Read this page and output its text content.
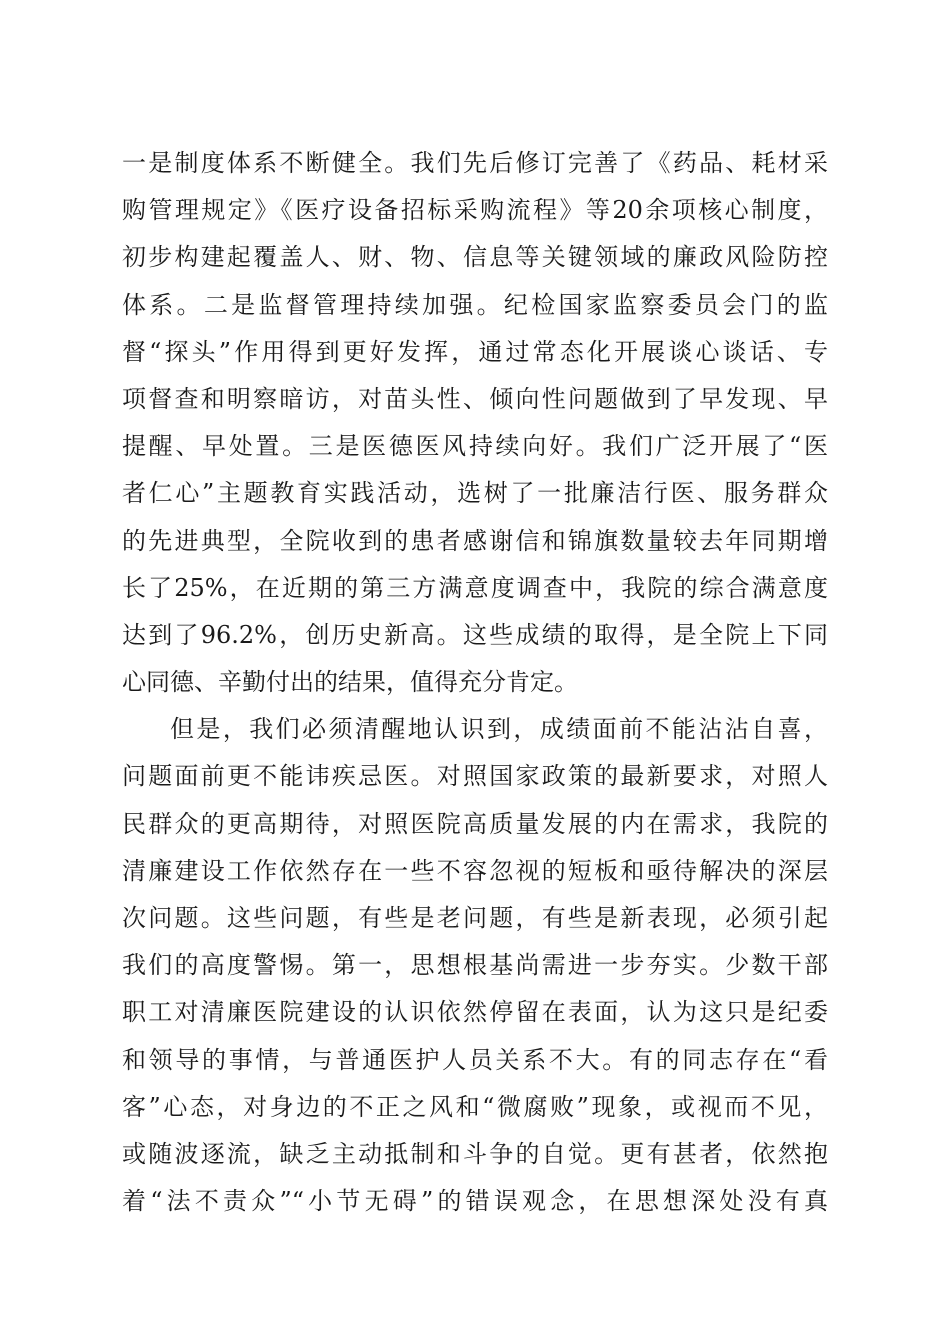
一是制度体系不断健全。我们先后修订完善了《药品、耗材采
购管理规定》《医疗设备招标采购流程》等20余项核心制度，
初步构建起覆盖人、财、物、信息等关键领域的廉政风险防控
体系。二是监督管理持续加强。纪检国家监察委员会门的监
督“探头”作用得到更好发挥，通过常态化开展谈心谈话、专
项督查和明察暗访，对苗头性、倾向性问题做到了早发现、早
提醒、早处置。三是医德医风持续向好。我们广泛开展了“医
者仁心”主题教育实践活动，选树了一批廉洁行医、服务群众
的先进典型，全院收到的患者感谢信和锦旗数量较去年同期增
长了25%，在近期的第三方满意度调查中，我院的综合满意度
达到了96.2%，创历史新高。这些成绩的取得，是全院上下同
心同德、辛勤付出的结果，值得充分肯定。
但是，我们必须清醒地认识到，成绩面前不能沾沾自喜，
问题面前更不能讳疾忌医。对照国家政策的最新要求，对照人
民群众的更高期待，对照医院高质量发展的内在需求，我院的
清廉建设工作依然存在一些不容忽视的短板和亟待解决的深层
次问题。这些问题，有些是老问题，有些是新表现，必须引起
我们的高度警惕。第一，思想根基尚需进一步夯实。少数干部
职工对清廉医院建设的认识依然停留在表面，认为这只是纪委
和领导的事情，与普通医护人员关系不大。有的同志存在“看
客”心态，对身边的不正之风和“微腐败”现象，或视而不见，
或随波逐流，缺乏主动抵制和斗争的自觉。更有甚者，依然抱
着“法不责众”“小节无碍”的错误观念，在思想深处没有真
